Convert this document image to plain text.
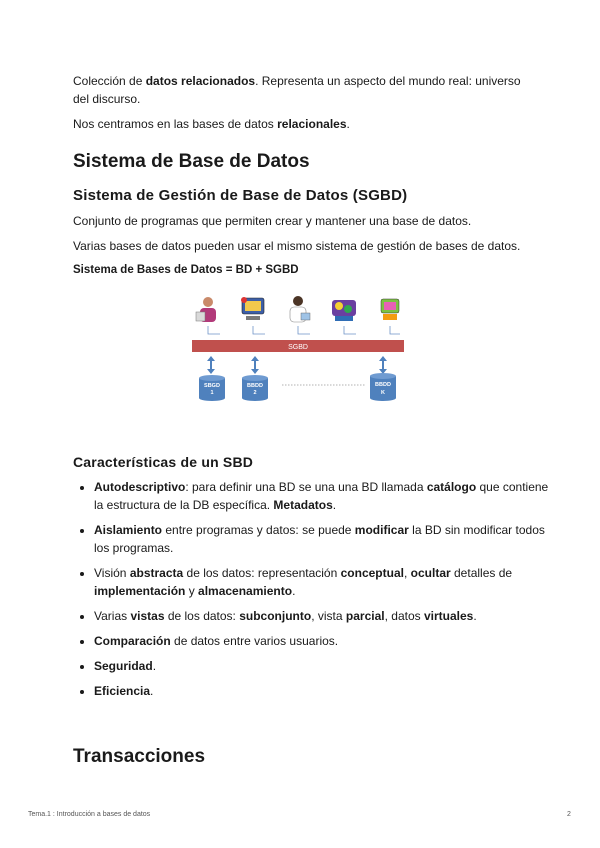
Colección de datos relacionados. Representa un aspecto del mundo real: universo del discurso.
Nos centramos en las bases de datos relacionales.
Sistema de Base de Datos
Sistema de Gestión de Base de Datos (SGBD)
Conjunto de programas que permiten crear y mantener una base de datos.
Varias bases de datos pueden usar el mismo sistema de gestión de bases de datos.
Sistema de Bases de Datos = BD + SGBD
SGBD
SBGD
1
BBDD
2
BBDD
K
Características de un SBD
• Autodescriptivo: para definir una BD se una una BD llamada catálogo que contiene la estructura de la DB específica. Metadatos.
• Aislamiento entre programas y datos: se puede modificar la BD sin modificar todos los programas.
• Visión abstracta de los datos: representación conceptual, ocultar detalles de implementación y almacenamiento.
• Varias vistas de los datos: subconjunto, vista parcial, datos virtuales.
• Comparación de datos entre varios usuarios.
• Seguridad.
• Eficiencia.
Transacciones
Tema.1 : Introducción a bases de datos	2
